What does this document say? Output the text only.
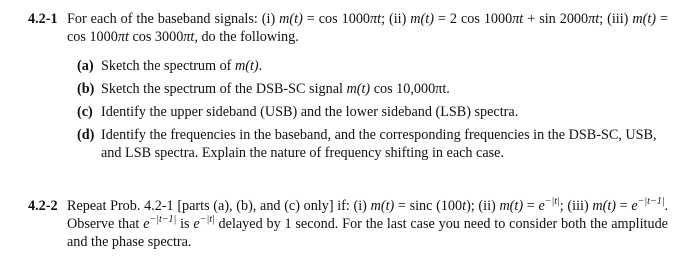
4.2-1 For each of the baseband signals: (i) m(t) = cos 1000πt; (ii) m(t) = 2 cos 1000πt + sin 2000πt; (iii) m(t) = cos 1000πt cos 3000πt, do the following.

(a) Sketch the spectrum of m(t).
(b) Sketch the spectrum of the DSB-SC signal m(t) cos 10,000πt.
(c) Identify the upper sideband (USB) and the lower sideband (LSB) spectra.
(d) Identify the frequencies in the baseband, and the corresponding frequencies in the DSB-SC, USB, and LSB spectra. Explain the nature of frequency shifting in each case.
4.2-2 Repeat Prob. 4.2-1 [parts (a), (b), and (c) only] if: (i) m(t) = sinc (100t); (ii) $m(t) = e^{-|t|}$; (iii) $m(t) = e^{-|t-1|}$. Observe that $e^{-|t-1|}$ is $e^{-|t|}$ delayed by 1 second. For the last case you need to consider both the amplitude and the phase spectra.
